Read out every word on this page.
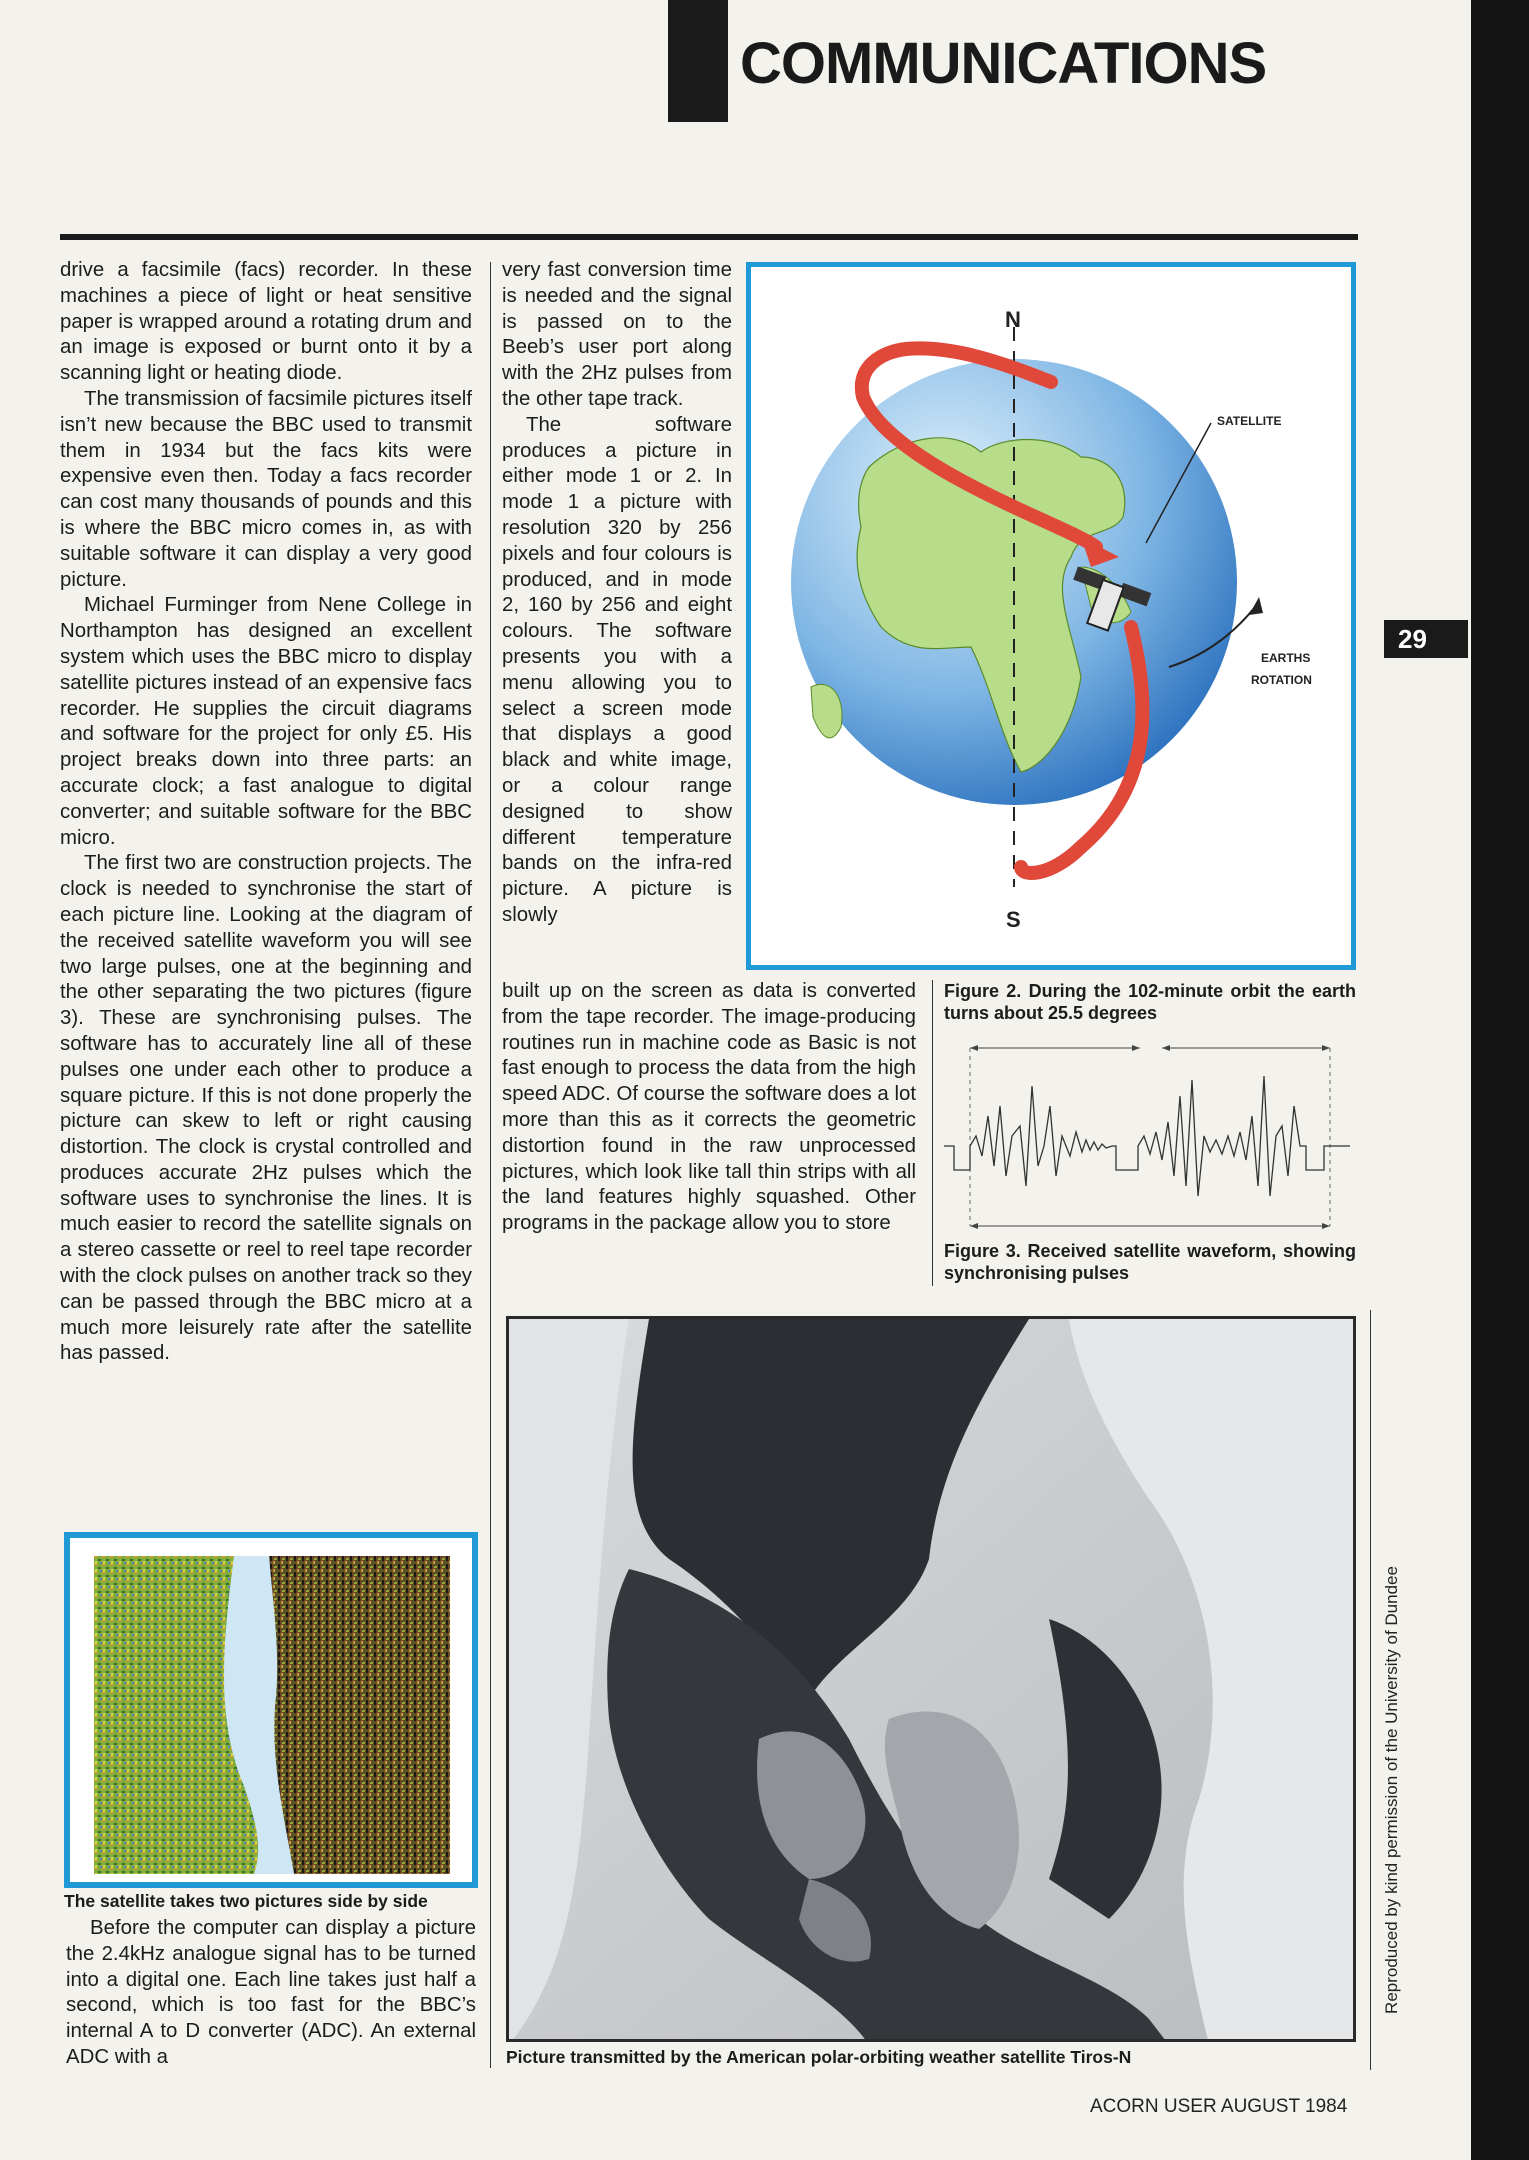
COMMUNICATIONS
29

drive a facsimile (facs) recorder. In these machines a piece of light or heat sensitive paper is wrapped around a rotating drum and an image is exposed or burnt onto it by a scanning light or heating diode.

The transmission of facsimile pictures itself isn’t new because the BBC used to transmit them in 1934 but the facs kits were expensive even then. Today a facs recorder can cost many thousands of pounds and this is where the BBC micro comes in, as with suitable software it can display a very good picture.

Michael Furminger from Nene College in Northampton has designed an excellent system which uses the BBC micro to display satellite pictures instead of an expensive facs recorder. He supplies the circuit diagrams and software for the project for only £5. His project breaks down into three parts: an accurate clock; a fast analogue to digital converter; and suitable software for the BBC micro.

The first two are construction projects. The clock is needed to synchronise the start of each picture line. Looking at the diagram of the received satellite waveform you will see two large pulses, one at the beginning and the other separating the two pictures (figure 3). These are synchronising pulses. The software has to accurately line all of these pulses one under each other to produce a square picture. If this is not done properly the picture can skew to left or right causing distortion. The clock is crystal controlled and produces accurate 2Hz pulses which the software uses to synchronise the lines. It is much easier to record the satellite signals on a stereo cassette or reel to reel tape recorder with the clock pulses on another track so they can be passed through the BBC micro at a much more leisurely rate after the satellite has passed.

The satellite takes two pictures side by side

Before the computer can display a picture the 2.4kHz analogue signal has to be turned into a digital one. Each line takes just half a second, which is too fast for the BBC’s internal A to D converter (ADC). An external ADC with a

very fast conversion time is needed and the signal is passed on to the Beeb’s user port along with the 2Hz pulses from the other tape track.

The software produces a picture in either mode 1 or 2. In mode 1 a picture with resolution 320 by 256 pixels and four colours is produced, and in mode 2, 160 by 256 and eight colours. The software presents you with a menu allowing you to select a screen mode that displays a good black and white image, or a colour range designed to show different temperature bands on the infra-red picture. A picture is slowly

built up on the screen as data is converted from the tape recorder. The image-producing routines run in machine code as Basic is not fast enough to process the data from the high speed ADC. Of course the software does a lot more than this as it corrects the geometric distortion found in the raw unprocessed pictures, which look like tall thin strips with all the land features highly squashed. Other programs in the package allow you to store

N
S
SATELLITE
EARTHS
ROTATION
Figure 2. During the 102-minute orbit the earth turns about 25.5 degrees
Figure 3. Received satellite waveform, showing synchronising pulses
Picture transmitted by the American polar-orbiting weather satellite Tiros-N
Reproduced by kind permission of the University of Dundee
ACORN USER AUGUST 1984
